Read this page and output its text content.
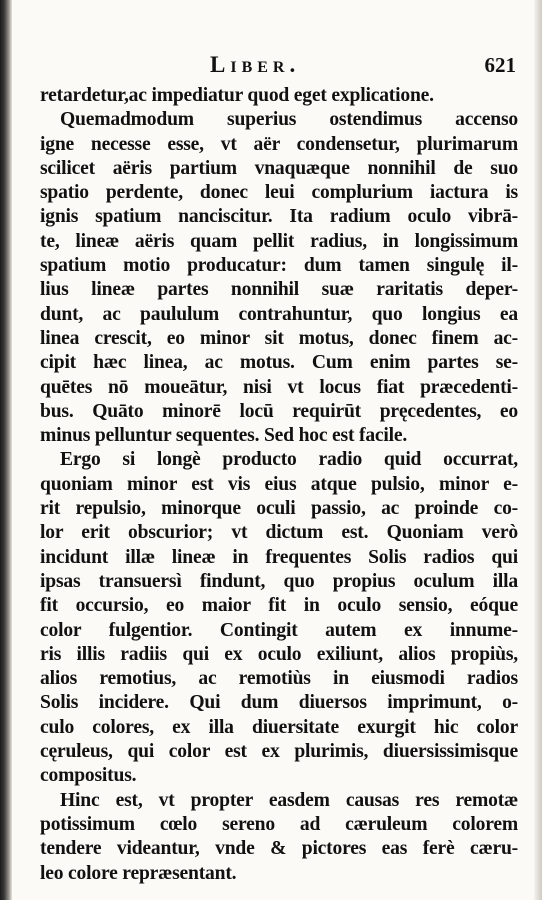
Liber.	621
retardetur,ac impediatur quod eget explicatione.
Quemadmodum superius ostendimus accenso
igne necesse esse, vt aër condensetur, plurimarum
scilicet aëris partium vnaquæque nonnihil de suo
spatio perdente, donec leui complurium iactura is
ignis spatium nanciscitur. Ita radium oculo vibrā-
te, lineæ aëris quam pellit radius, in longissimum
spatium motio producatur: dum tamen singulę il-
lius lineæ partes nonnihil suæ raritatis deper-
dunt, ac paululum contrahuntur, quo longius ea
linea crescit, eo minor sit motus, donec finem ac-
cipit hæc linea, ac motus. Cum enim partes se-
quētes nō moueātur, nisi vt locus fiat præcedenti-
bus. Quāto minorē locū requirūt pręcedentes, eo
minus pelluntur sequentes. Sed hoc est facile.
Ergo si longè producto radio quid occurrat,
quoniam minor est vis eius atque pulsio, minor e-
rit repulsio, minorque oculi passio, ac proinde co-
lor erit obscurior; vt dictum est. Quoniam verò
incidunt illæ lineæ in frequentes Solis radios qui
ipsas transuersì findunt, quo propius oculum illa
fit occursio, eo maior fit in oculo sensio, eóque
color fulgentior. Contingit autem ex innume-
ris illis radiis qui ex oculo exiliunt, alios propiùs,
alios remotius, ac remotiùs in eiusmodi radios
Solis incidere. Qui dum diuersos imprimunt, o-
culo colores, ex illa diuersitate exurgit hic color
cęruleus, qui color est ex plurimis, diuersissimisque
compositus.
Hinc est, vt propter easdem causas res remotæ
potissimum cœlo sereno ad cæruleum colorem
tendere videantur, vnde & pictores eas ferè cæru-
leo colore repræsentant.
